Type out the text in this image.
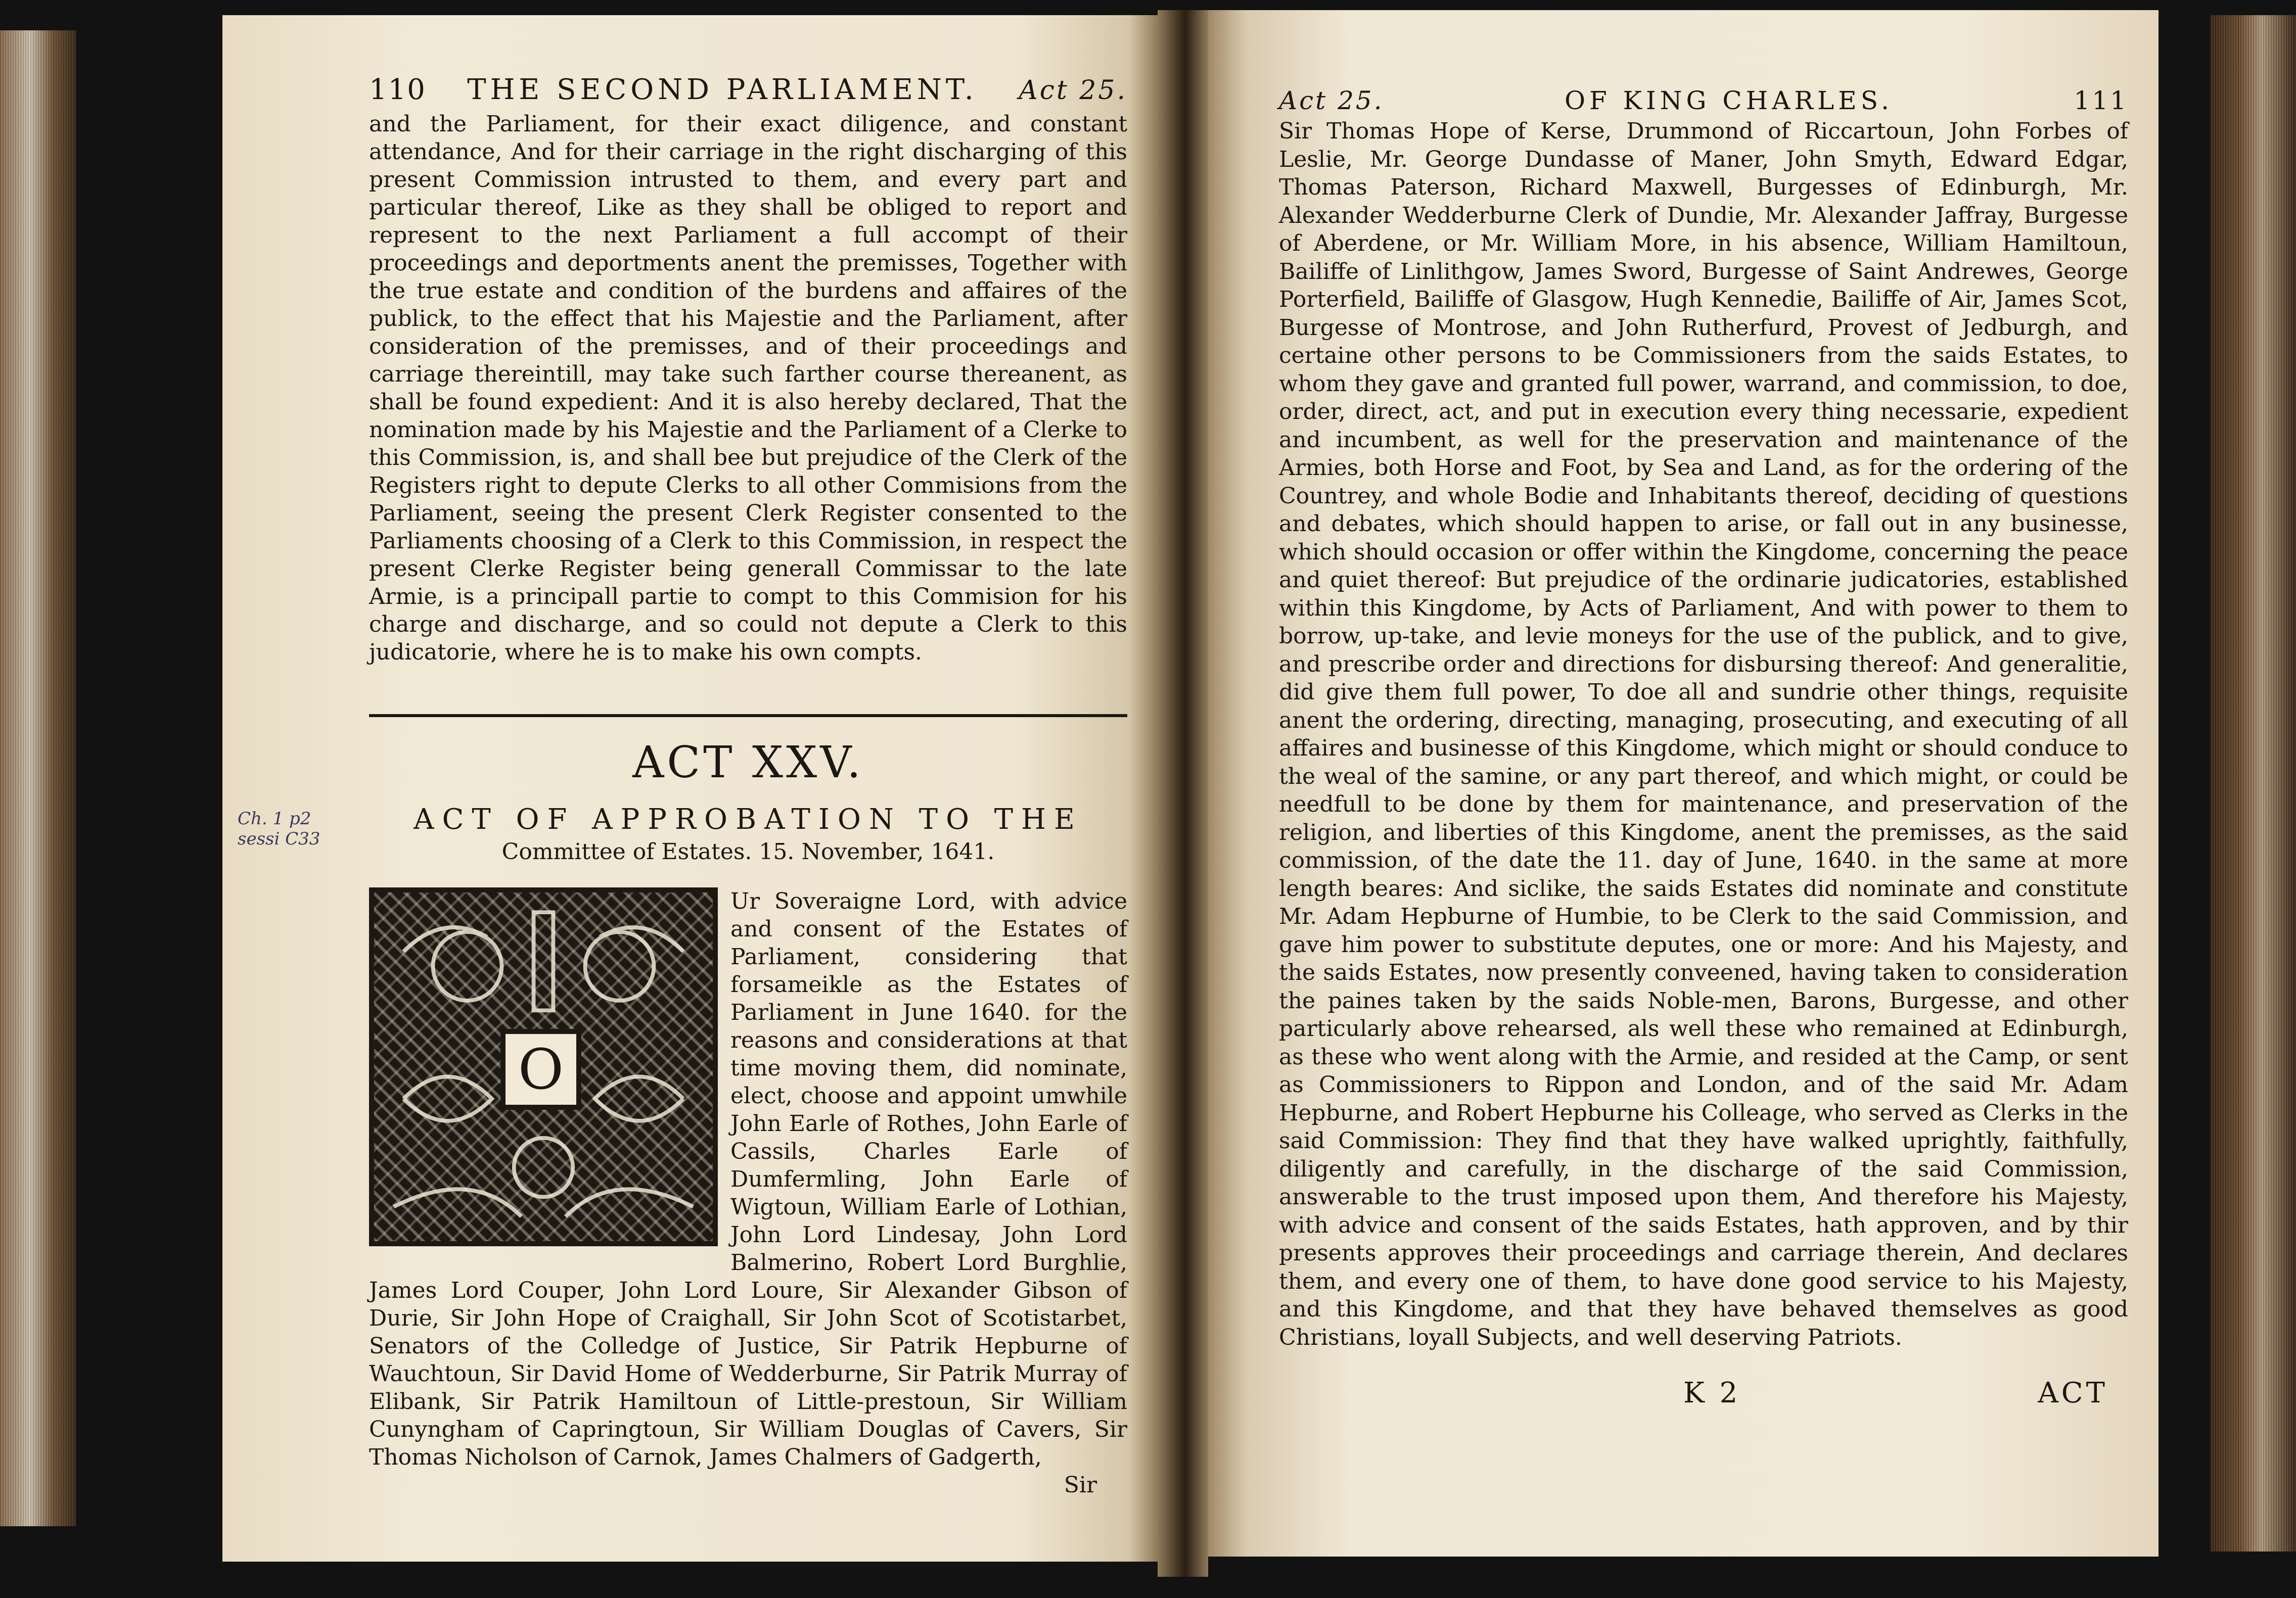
110 THE SECOND PARLIAMENT. Act 25.
and the Parliament, for their exact diligence, and constant attendance, And for their carriage in the right discharging of this present Commission intrusted to them, and every part and particular thereof, Like as they shall be obliged to report and represent to the next Parliament a full accompt of their proceedings and deportments anent the premisses, Together with the true estate and condition of the burdens and affaires of the publick, to the effect that his Majestie and the Parliament, after consideration of the premisses, and of their proceedings and carriage thereintill, may take such farther course thereanent, as shall be found expedient: And it is also hereby declared, That the nomination made by his Majestie and the Parliament of a Clerke to this Commission, is, and shall bee but prejudice of the Clerk of the Registers right to depute Clerks to all other Commisions from the Parliament, seeing the present Clerk Register consented to the Parliaments choosing of a Clerk to this Commission, in respect the present Clerke Register being generall Commissar to the late Armie, is a principall partie to compt to this Commision for his charge and discharge, and so could not depute a Clerk to this judicatorie, where he is to make his own compts.
ACT XXV.
ACT OF APPROBATION TO THE
Committee of Estates. 15. November, 1641.
O
Ur Soveraigne Lord, with advice and consent of the Estates of Parliament, considering that forsameikle as the Estates of Parliament in June 1640. for the reasons and considerations at that time moving them, did nominate, elect, choose and appoint umwhile John Earle of Rothes, John Earle of Cassils, Charles Earle of Dumfermling, John Earle of Wigtoun, William Earle of Lothian, John Lord Lindesay, John Lord Balmerino, Robert Lord Burghlie, James Lord Couper, John Lord Loure, Sir Alexander Gibson of Durie, Sir John Hope of Craighall, Sir John Scot of Scotistarbet, Senators of the Colledge of Justice, Sir Patrik Hepburne of Wauchtoun, Sir David Home of Wedderburne, Sir Patrik Murray of Elibank, Sir Patrik Hamiltoun of Little-prestoun, Sir William Cunyngham of Capringtoun, Sir William Douglas of Cavers, Sir Thomas Nicholson of Carnok, James Chalmers of Gadgerth,
Sir
Ch. 1 p2 sessi C33
Act 25.	OF KING CHARLES.	111
Sir Thomas Hope of Kerse, Drummond of Riccartoun, John Forbes of Leslie, Mr. George Dundasse of Maner, John Smyth, Edward Edgar, Thomas Paterson, Richard Maxwell, Burgesses of Edinburgh, Mr. Alexander Wedderburne Clerk of Dundie, Mr. Alexander Jaffray, Burgesse of Aberdene, or Mr. William More, in his absence, William Hamiltoun, Bailiffe of Linlithgow, James Sword, Burgesse of Saint Andrewes, George Porterfield, Bailiffe of Glasgow, Hugh Kennedie, Bailiffe of Air, James Scot, Burgesse of Montrose, and John Rutherfurd, Provest of Jedburgh, and certaine other persons to be Commissioners from the saids Estates, to whom they gave and granted full power, warrand, and commission, to doe, order, direct, act, and put in execution every thing necessarie, expedient and incumbent, as well for the preservation and maintenance of the Armies, both Horse and Foot, by Sea and Land, as for the ordering of the Countrey, and whole Bodie and Inhabitants thereof, deciding of questions and debates, which should happen to arise, or fall out in any businesse, which should occasion or offer within the Kingdome, concerning the peace and quiet thereof: But prejudice of the ordinarie judicatories, established within this Kingdome, by Acts of Parliament, And with power to them to borrow, up-take, and levie moneys for the use of the publick, and to give, and prescribe order and directions for disbursing thereof: And generalitie, did give them full power, To doe all and sundrie other things, requisite anent the ordering, directing, managing, prosecuting, and executing of all affaires and businesse of this Kingdome, which might or should conduce to the weal of the samine, or any part thereof, and which might, or could be needfull to be done by them for maintenance, and preservation of the religion, and liberties of this Kingdome, anent the premisses, as the said commission, of the date the 11. day of June, 1640. in the same at more length beares: And siclike, the saids Estates did nominate and constitute Mr. Adam Hepburne of Humbie, to be Clerk to the said Commission, and gave him power to substitute deputes, one or more: And his Majesty, and the saids Estates, now presently conveened, having taken to consideration the paines taken by the saids Noble-men, Barons, Burgesse, and other particularly above rehearsed, als well these who remained at Edinburgh, as these who went along with the Armie, and resided at the Camp, or sent as Commissioners to Rippon and London, and of the said Mr. Adam Hepburne, and Robert Hepburne his Colleage, who served as Clerks in the said Commission: They find that they have walked uprightly, faithfully, diligently and carefully, in the discharge of the said Commission, answerable to the trust imposed upon them, And therefore his Majesty, with advice and consent of the saids Estates, hath approven, and by thir presents approves their proceedings and carriage therein, And declares them, and every one of them, to have done good service to his Majesty, and this Kingdome, and that they have behaved themselves as good Christians, loyall Subjects, and well deserving Patriots.
K 2	ACT
